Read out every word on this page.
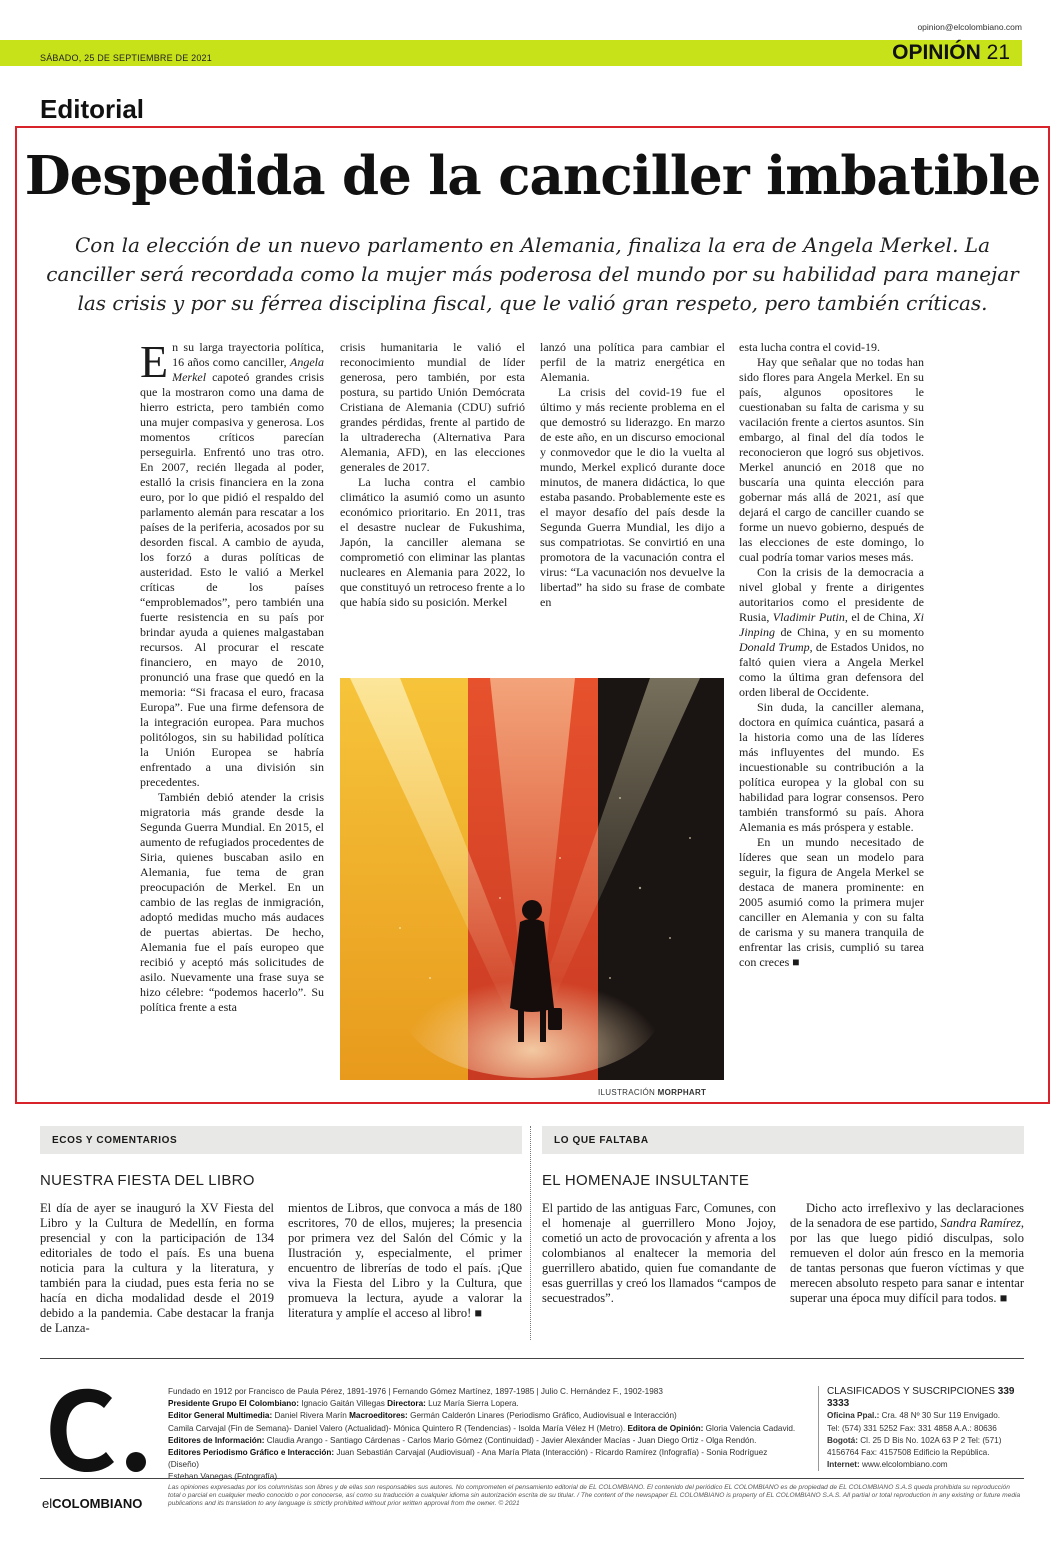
opinion@elcolombiano.com
SÁBADO, 25 DE SEPTIEMBRE DE 2021	OPINIÓN 21
Editorial
Despedida de la canciller imbatible
Con la elección de un nuevo parlamento en Alemania, finaliza la era de Angela Merkel. La canciller será recordada como la mujer más poderosa del mundo por su habilidad para manejar las crisis y por su férrea disciplina fiscal, que le valió gran respeto, pero también críticas.

En su larga trayectoria política, 16 años como canciller, Angela Merkel capoteó grandes crisis que la mostraron como una dama de hierro estricta, pero también como una mujer compasiva y generosa. Los momentos críticos parecían perseguirla. Enfrentó uno tras otro. En 2007, recién llegada al poder, estalló la crisis financiera en la zona euro, por lo que pidió el respaldo del parlamento alemán para rescatar a los países de la periferia, acosados por su desorden fiscal. A cambio de ayuda, los forzó a duras políticas de austeridad. Esto le valió a Merkel críticas de los países “emproblemados”, pero también una fuerte resistencia en su país por brindar ayuda a quienes malgastaban recursos. Al procurar el rescate financiero, en mayo de 2010, pronunció una frase que quedó en la memoria: “Si fracasa el euro, fracasa Europa”. Fue una firme defensora de la integración europea. Para muchos politólogos, sin su habilidad política la Unión Europea se habría enfrentado a una división sin precedentes.

También debió atender la crisis migratoria más grande desde la Segunda Guerra Mundial. En 2015, el aumento de refugiados procedentes de Siria, quienes buscaban asilo en Alemania, fue tema de gran preocupación de Merkel. En un cambio de las reglas de inmigración, adoptó medidas mucho más audaces de puertas abiertas. De hecho, Alemania fue el país europeo que recibió y aceptó más solicitudes de asilo. Nuevamente una frase suya se hizo célebre: “podemos hacerlo”. Su política frente a esta

crisis humanitaria le valió el reconocimiento mundial de líder generosa, pero también, por esta postura, su partido Unión Demócrata Cristiana de Alemania (CDU) sufrió grandes pérdidas, frente al partido de la ultraderecha (Alternativa Para Alemania, AFD), en las elecciones generales de 2017.

La lucha contra el cambio climático la asumió como un asunto económico prioritario. En 2011, tras el desastre nuclear de Fukushima, Japón, la canciller alemana se comprometió con eliminar las plantas nucleares en Alemania para 2022, lo que constituyó un retroceso frente a lo que había sido su posición. Merkel

lanzó una política para cambiar el perfil de la matriz energética en Alemania.

La crisis del covid-19 fue el último y más reciente problema en el que demostró su liderazgo. En marzo de este año, en un discurso emocional y conmovedor que le dio la vuelta al mundo, Merkel explicó durante doce minutos, de manera didáctica, lo que estaba pasando. Probablemente este es el mayor desafío del país desde la Segunda Guerra Mundial, les dijo a sus compatriotas. Se convirtió en una promotora de la vacunación contra el virus: “La vacunación nos devuelve la libertad” ha sido su frase de combate en

esta lucha contra el covid-19.

Hay que señalar que no todas han sido flores para Angela Merkel. En su país, algunos opositores le cuestionaban su falta de carisma y su vacilación frente a ciertos asuntos. Sin embargo, al final del día todos le reconocieron que logró sus objetivos. Merkel anunció en 2018 que no buscaría una quinta elección para gobernar más allá de 2021, así que dejará el cargo de canciller cuando se forme un nuevo gobierno, después de las elecciones de este domingo, lo cual podría tomar varios meses más.

Con la crisis de la democracia a nivel global y frente a dirigentes autoritarios como el presidente de Rusia, Vladimir Putin, el de China, Xi Jinping de China, y en su momento Donald Trump, de Estados Unidos, no faltó quien viera a Angela Merkel como la última gran defensora del orden liberal de Occidente.

Sin duda, la canciller alemana, doctora en química cuántica, pasará a la historia como una de las líderes más influyentes del mundo. Es incuestionable su contribución a la política europea y la global con su habilidad para lograr consensos. Pero también transformó su país. Ahora Alemania es más próspera y estable.

En un mundo necesitado de líderes que sean un modelo para seguir, la figura de Angela Merkel se destaca de manera prominente: en 2005 asumió como la primera mujer canciller en Alemania y con su falta de carisma y su manera tranquila de enfrentar las crisis, cumplió su tarea con creces ■

ILUSTRACIÓN MORPHART
ECOS Y COMENTARIOS	LO QUE FALTABA
NUESTRA FIESTA DEL LIBRO	EL HOMENAJE INSULTANTE

El día de ayer se inauguró la XV Fiesta del Libro y la Cultura de Medellín, en forma presencial y con la participación de 134 editoriales de todo el país. Es una buena noticia para la cultura y la literatura, y también para la ciudad, pues esta feria no se hacía en dicha modalidad desde el 2019 debido a la pandemia. Cabe destacar la franja de Lanza-

mientos de Libros, que convoca a más de 180 escritores, 70 de ellos, mujeres; la presencia por primera vez del Salón del Cómic y la Ilustración y, especialmente, el primer encuentro de librerías de todo el país. ¡Que viva la Fiesta del Libro y la Cultura, que promueva la lectura, ayude a valorar la literatura y amplíe el acceso al libro! ■

El partido de las antiguas Farc, Comunes, con el homenaje al guerrillero Mono Jojoy, cometió un acto de provocación y afrenta a los colombianos al enaltecer la memoria del guerrillero abatido, quien fue comandante de esas guerrillas y creó los llamados “campos de secuestrados”.

Dicho acto irreflexivo y las declaraciones de la senadora de ese partido, Sandra Ramírez, por las que luego pidió disculpas, solo remueven el dolor aún fresco en la memoria de tantas personas que fueron víctimas y que merecen absoluto respeto para sanar e intentar superar una época muy difícil para todos. ■

elCOLOMBIANO
Fundado en 1912 por Francisco de Paula Pérez, 1891-1976 | Fernando Gómez Martínez, 1897-1985 | Julio C. Hernández F., 1902-1983
Presidente Grupo El Colombiano: Ignacio Gaitán Villegas Directora: Luz María Sierra Lopera.
Editor General Multimedia: Daniel Rivera Marín Macroeditores: Germán Calderón Linares (Periodismo Gráfico, Audiovisual e Interacción)
Camila Carvajal (Fin de Semana)- Daniel Valero (Actualidad)- Mónica Quintero R (Tendencias) - Isolda María Vélez H (Metro). Editora de Opinión: Gloria Valencia Cadavid.
Editores de Información: Claudia Arango - Santiago Cárdenas - Carlos Mario Gómez (Continuidad) - Javier Alexánder Macías - Juan Diego Ortiz - Olga Rendón.
Editores Periodismo Gráfico e Interacción: Juan Sebastián Carvajal (Audiovisual) - Ana María Plata (Interacción) - Ricardo Ramírez (Infografía) - Sonia Rodríguez (Diseño)
Esteban Vanegas (Fotografía).
CLASIFICADOS Y SUSCRIPCIONES 339 3333
Oficina Ppal.: Cra. 48 Nº 30 Sur 119 Envigado.
Tel: (574) 331 5252 Fax: 331 4858 A.A.: 80636
Bogotá: Cl. 25 D Bis No. 102A 63 P 2 Tel: (571)
4156764 Fax: 4157508 Edificio la República.
Internet: www.elcolombiano.com
Las opiniones expresadas por los columnistas son libres y de ellas son responsables sus autores. No comprometen el pensamiento editorial de EL COLOMBIANO. El contenido del periódico EL COLOMBIANO es de propiedad de EL COLOMBIANO S.A.S queda prohibida su reproducción total o parcial en cualquier medio conocido o por conocerse, así como su traducción a cualquier idioma sin autorización escrita de su titular. / The content of the newspaper EL COLOMBIANO is property of EL COLOMBIANO S.A.S. All partial or total reproduction in any existing or future media publications and its translation to any language is strictly prohibited without prior written approval from the owner. © 2021
